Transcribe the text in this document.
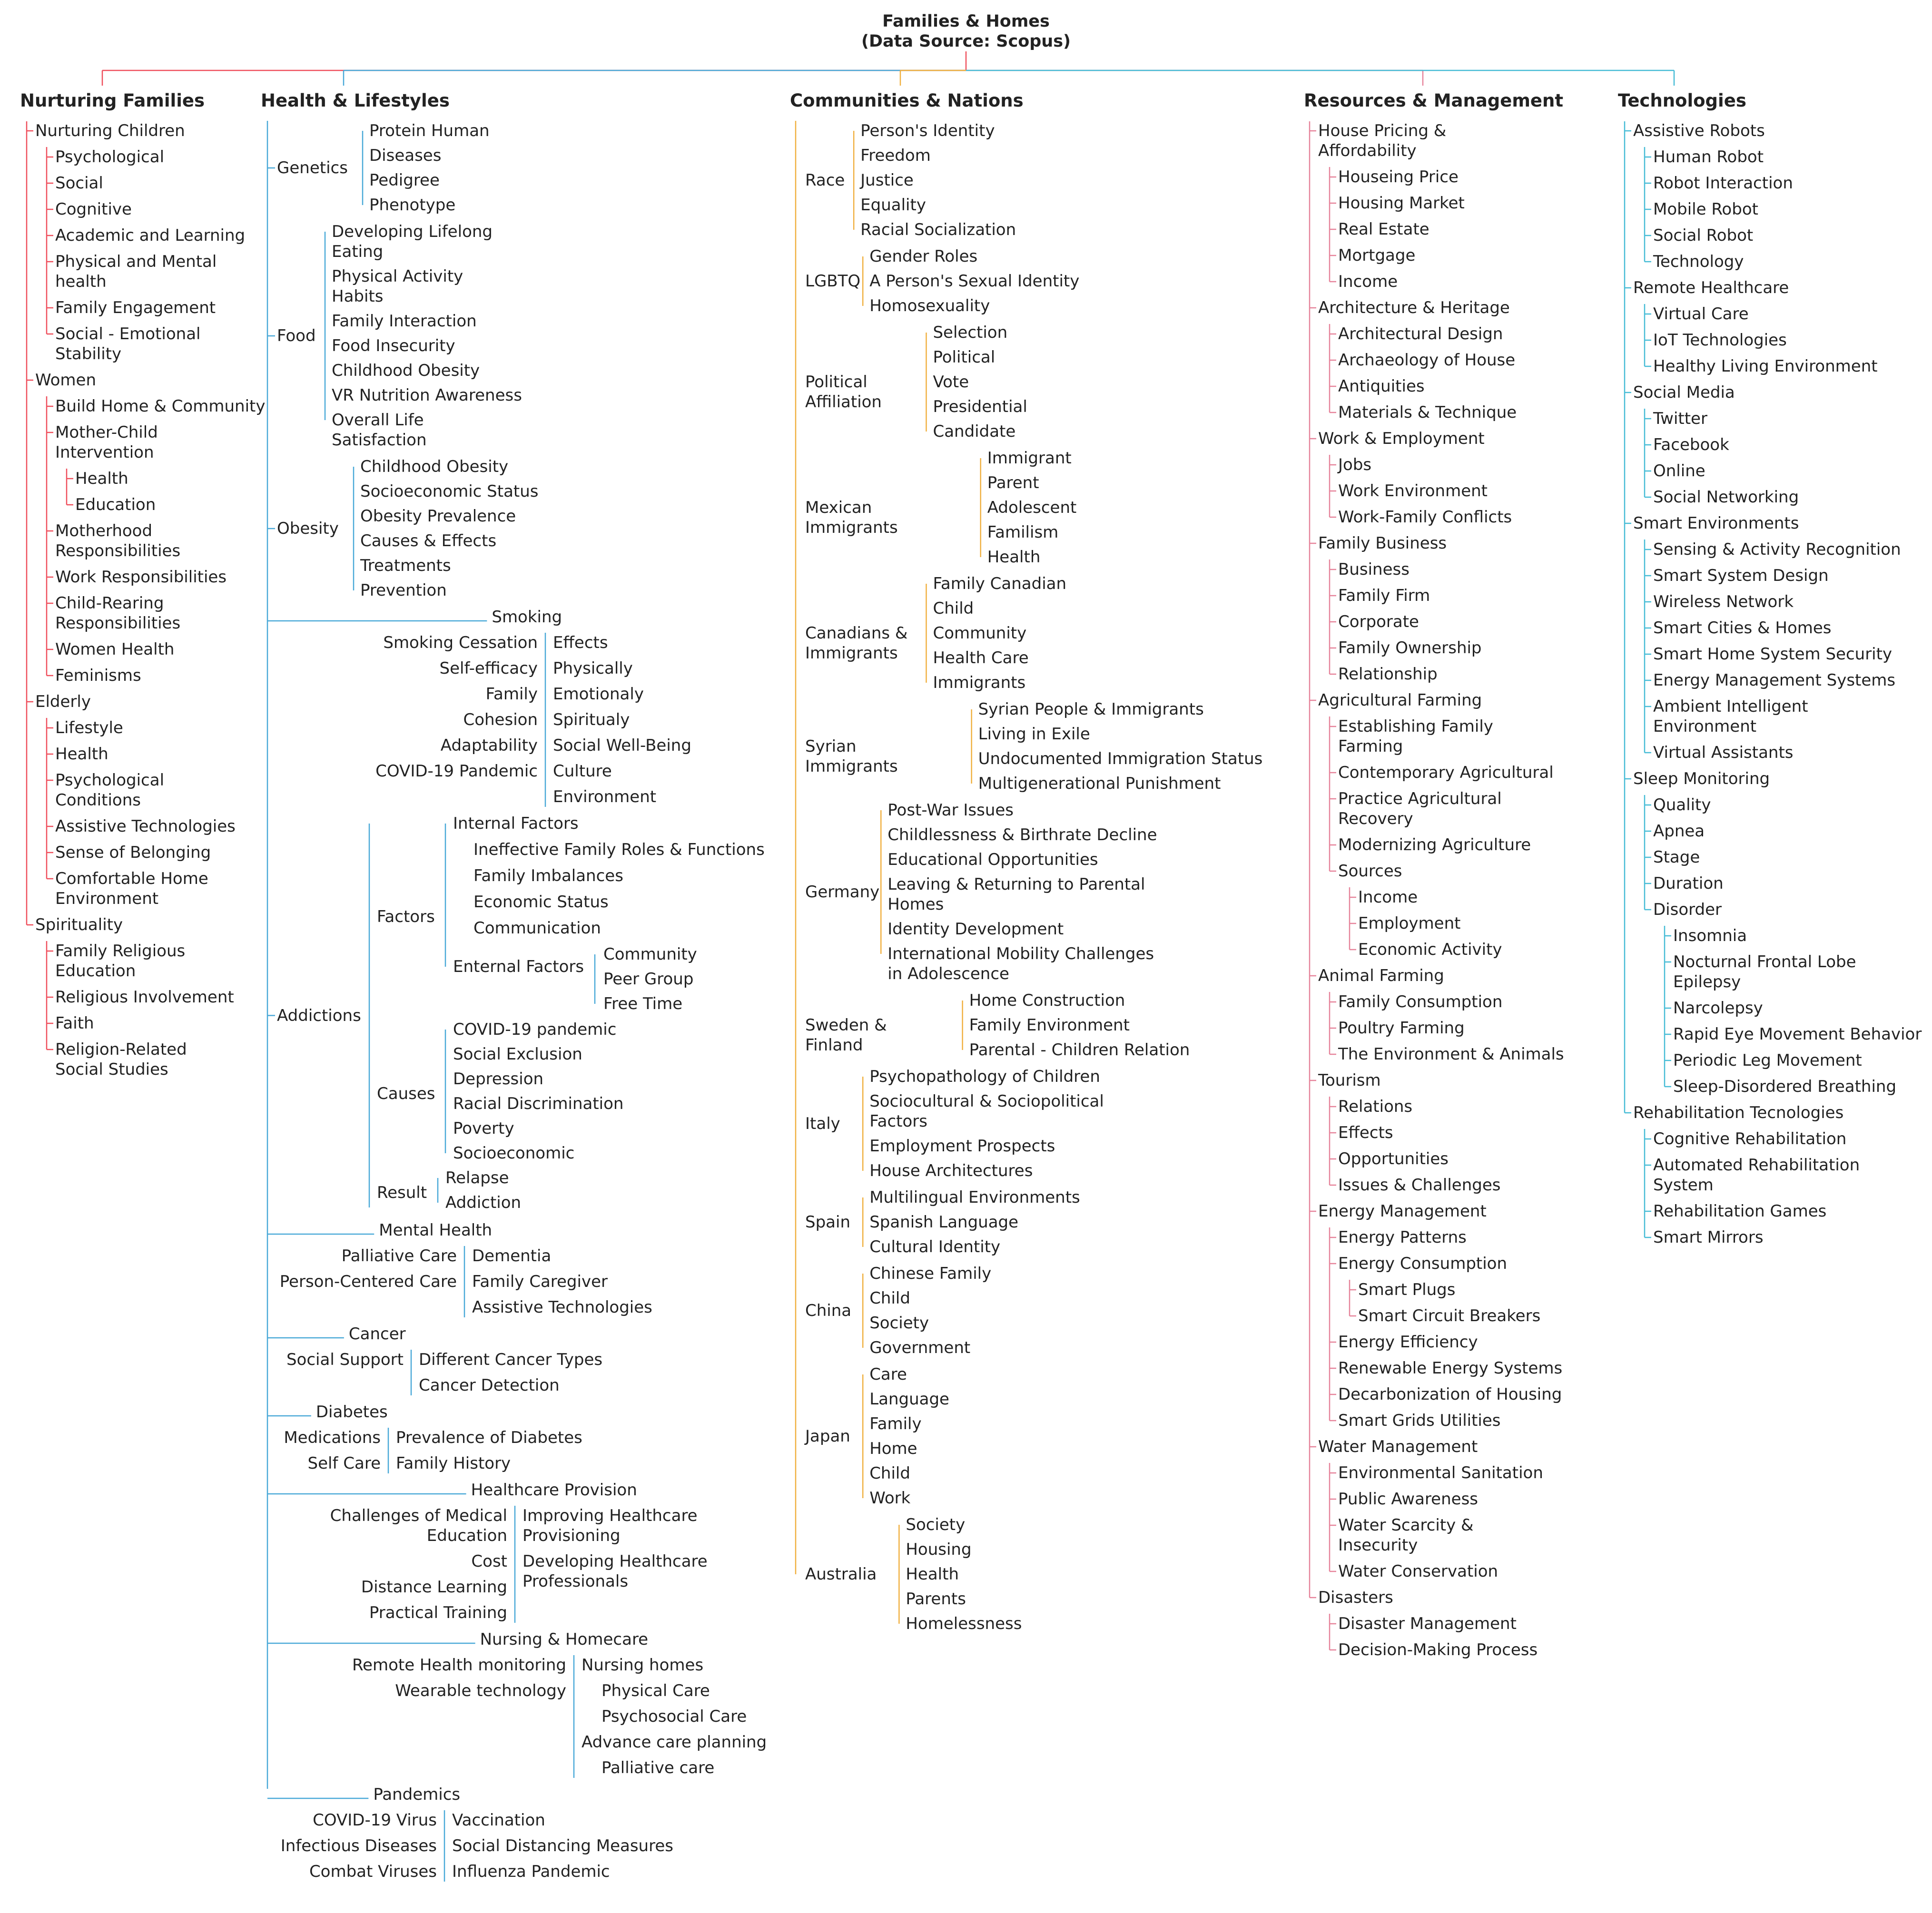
Families & Homes
(Data Source: Scopus)
Nurturing Families	Health & Lifestyles	Communities & Nations	Resources & Management	Technologies
Nurturing Children
Psychological
Social
Cognitive
Academic and Learning
Physical and Mental
health
Family Engagement
Social - Emotional
Stability
Women
Build Home & Community
Mother-Child
Intervention
Health
Education
Motherhood
Responsibilities
Work Responsibilities
Child-Rearing
Responsibilities
Women Health
Feminisms
Elderly
Lifestyle
Health
Psychological
Conditions
Assistive Technologies
Sense of Belonging
Comfortable Home
Environment
Spirituality
Family Religious
Education
Religious Involvement
Faith
Religion-Related
Social Studies
House Pricing &
Affordability
Houseing Price
Housing Market
Real Estate
Mortgage
Income
Architecture & Heritage
Architectural Design
Archaeology of House
Antiquities
Materials & Technique
Work & Employment
Jobs
Work Environment
Work-Family Conflicts
Family Business
Business
Family Firm
Corporate
Family Ownership
Relationship
Agricultural Farming
Establishing Family
Farming
Contemporary Agricultural
Practice Agricultural
Recovery
Modernizing Agriculture
Sources
Income
Employment
Economic Activity
Animal Farming
Family Consumption
Poultry Farming
The Environment & Animals
Tourism
Relations
Effects
Opportunities
Issues & Challenges
Energy Management
Energy Patterns
Energy Consumption
Smart Plugs
Smart Circuit Breakers
Energy Efficiency
Renewable Energy Systems
Decarbonization of Housing
Smart Grids Utilities
Water Management
Environmental Sanitation
Public Awareness
Water Scarcity &
Insecurity
Water Conservation
Disasters
Disaster Management
Decision-Making Process
Assistive Robots
Human Robot
Robot Interaction
Mobile Robot
Social Robot
Technology
Remote Healthcare
Virtual Care
IoT Technologies
Healthy Living Environment
Social Media
Twitter
Facebook
Online
Social Networking
Smart Environments
Sensing & Activity Recognition
Smart System Design
Wireless Network
Smart Cities & Homes
Smart Home System Security
Energy Management Systems
Ambient Intelligent
Environment
Virtual Assistants
Sleep Monitoring
Quality
Apnea
Stage
Duration
Disorder
Insomnia
Nocturnal Frontal Lobe
Epilepsy
Narcolepsy
Rapid Eye Movement Behavior
Periodic Leg Movement
Sleep-Disordered Breathing
Rehabilitation Tecnologies
Cognitive Rehabilitation
Automated Rehabilitation
System
Rehabilitation Games
Smart Mirrors
Person's Identity
Freedom
Justice
Equality
Racial Socialization
Race
Gender Roles
A Person's Sexual Identity
Homosexuality
LGBTQ
Selection
Political
Vote
Presidential
Candidate
Political
Affiliation
Immigrant
Parent
Adolescent
Familism
Health
Mexican
Immigrants
Family Canadian
Child
Community
Health Care
Immigrants
Canadians &
Immigrants
Syrian People & Immigrants
Living in Exile
Undocumented Immigration Status
Multigenerational Punishment
Syrian
Immigrants
Post-War Issues
Childlessness & Birthrate Decline
Educational Opportunities
Leaving & Returning to Parental
Homes
Identity Development
International Mobility Challenges
in Adolescence
Germany
Home Construction
Family Environment
Parental - Children Relation
Sweden &
Finland
Psychopathology of Children
Sociocultural & Sociopolitical
Factors
Employment Prospects
House Architectures
Italy
Multilingual Environments
Spanish Language
Cultural Identity
Spain
Chinese Family
Child
Society
Government
China
Care
Language
Family
Home
Child
Work
Japan
Society
Housing
Health
Parents
Homelessness
Australia
Protein Human
Diseases
Pedigree
Phenotype
Genetics
Developing Lifelong
Eating
Physical Activity
Habits
Family Interaction
Food Insecurity
Childhood Obesity
VR Nutrition Awareness
Overall Life
Satisfaction
Food
Childhood Obesity
Socioeconomic Status
Obesity Prevalence
Causes & Effects
Treatments
Prevention
Obesity
Smoking
Smoking Cessation
Self-efficacy
Family
Cohesion
Adaptability
COVID-19 Pandemic
Effects
Physically
Emotionaly
Spiritualy
Social Well-Being
Culture
Environment
Internal Factors
Ineffective Family Roles & Functions
Family Imbalances
Economic Status
Communication
Community
Peer Group
Free Time
Enternal Factors
Factors
COVID-19 pandemic
Social Exclusion
Depression
Racial Discrimination
Poverty
Socioeconomic
Causes
Relapse
Addiction
Result
Addictions
Mental Health
Palliative Care
Person-Centered Care
Dementia
Family Caregiver
Assistive Technologies
Cancer
Social Support Different Cancer Types
Cancer Detection
Diabetes
Medications
Self Care
Prevalence of Diabetes
Family History
Healthcare Provision
Challenges of Medical
Education
Cost
Distance Learning
Practical Training
Improving Healthcare
Provisioning
Developing Healthcare
Professionals
Nursing & Homecare
Remote Health monitoring
Wearable technology
Nursing homes
Physical Care
Psychosocial Care
Advance care planning
Palliative care
Pandemics
COVID-19 Virus
Infectious Diseases
Combat Viruses
Vaccination
Social Distancing Measures
Influenza Pandemic
